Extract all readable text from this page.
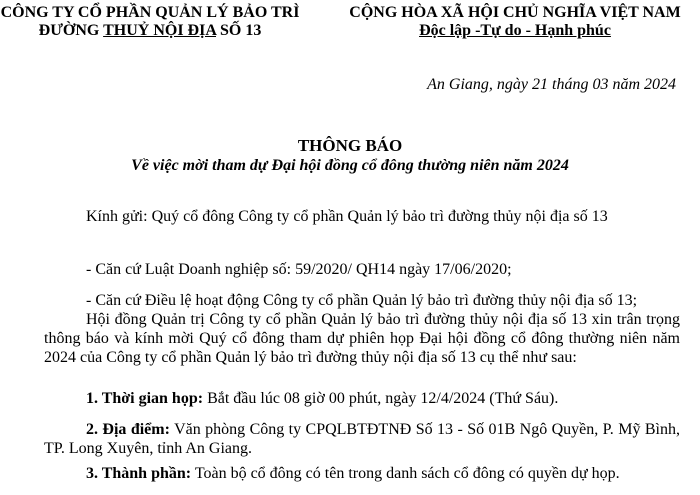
CÔNG TY CỔ PHẦN QUẢN LÝ BẢO TRÌ
ĐƯỜNG THUỶ NỘI ĐỊA SỐ 13
CỘNG HÒA XÃ HỘI CHỦ NGHĨA VIỆT NAM
Độc lập -Tự do - Hạnh phúc
An Giang, ngày 21 tháng 03 năm 2024
THÔNG BÁO
Về việc mời tham dự Đại hội đồng cổ đông thường niên năm 2024
Kính gửi: Quý cổ đông Công ty cổ phần Quản lý bảo trì đường thủy nội địa số 13
- Căn cứ Luật Doanh nghiệp số: 59/2020/ QH14 ngày 17/06/2020;
- Căn cứ Điều lệ hoạt động Công ty cổ phần Quản lý bảo trì đường thủy nội địa số 13;
Hội đồng Quản trị Công ty cổ phần Quản lý bảo trì đường thủy nội địa số 13 xin trân trọng thông báo và kính mời Quý cổ đông tham dự phiên họp Đại hội đồng cổ đông thường niên năm 2024 của Công ty cổ phần Quản lý bảo trì đường thủy nội địa số 13 cụ thể như sau:
1. Thời gian họp: Bắt đầu lúc 08 giờ 00 phút, ngày 12/4/2024 (Thứ Sáu).
2. Địa điểm: Văn phòng Công ty CPQLBTĐTNĐ Số 13 - Số 01B Ngô Quyền, P. Mỹ Bình, TP. Long Xuyên, tỉnh An Giang.
3. Thành phần: Toàn bộ cổ đông có tên trong danh sách cổ đông có quyền dự họp.
